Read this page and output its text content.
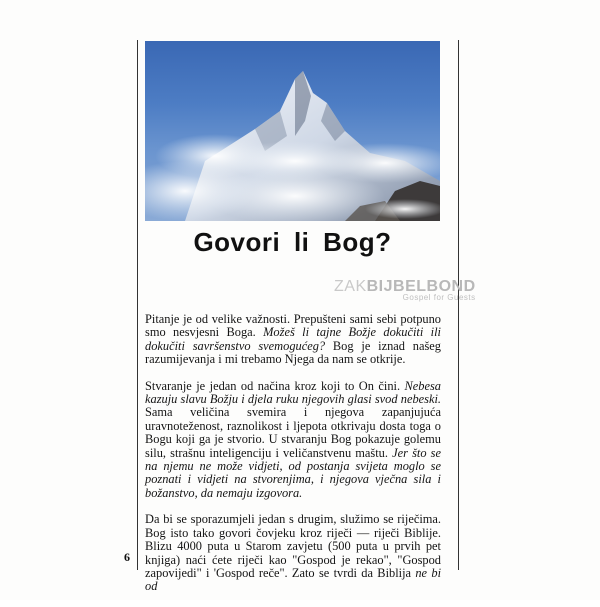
Govori li Bog?
ZAKBIJBELBOND
Gospel for Guests

Pitanje je od velike važnosti. Prepušteni sami sebi potpuno smo nesvjesni Boga. Možeš li tajne Božje dokučiti ili dokučiti savršenstvo svemogućeg? Bog je iznad našeg razumijevanja i mi trebamo Njega da nam se otkrije.

Stvaranje je jedan od načina kroz koji to On čini. Nebesa kazuju slavu Božju i djela ruku njegovih glasi svod nebeski. Sama veličina svemira i njegova zapanjujuća uravnoteženost, raznolikost i ljepota otkrivaju dosta toga o Bogu koji ga je stvorio. U stvaranju Bog pokazuje golemu silu, strašnu inteligenciju i veličanstvenu maštu. Jer što se na njemu ne može vidjeti, od postanja svijeta moglo se poznati i vidjeti na stvorenjima, i njegova vječna sila i božanstvo, da nemaju izgovora.

Da bi se sporazumjeli jedan s drugim, služimo se riječima. Bog isto tako govori čovjeku kroz riječi — riječi Biblije. Blizu 4000 puta u Starom zavjetu (500 puta u prvih pet knjiga) naći ćete riječi kao "Gospod je rekao", "Gospod zapovijedi" i 'Gospod reče". Zato se tvrdi da Biblija ne bi od

6
